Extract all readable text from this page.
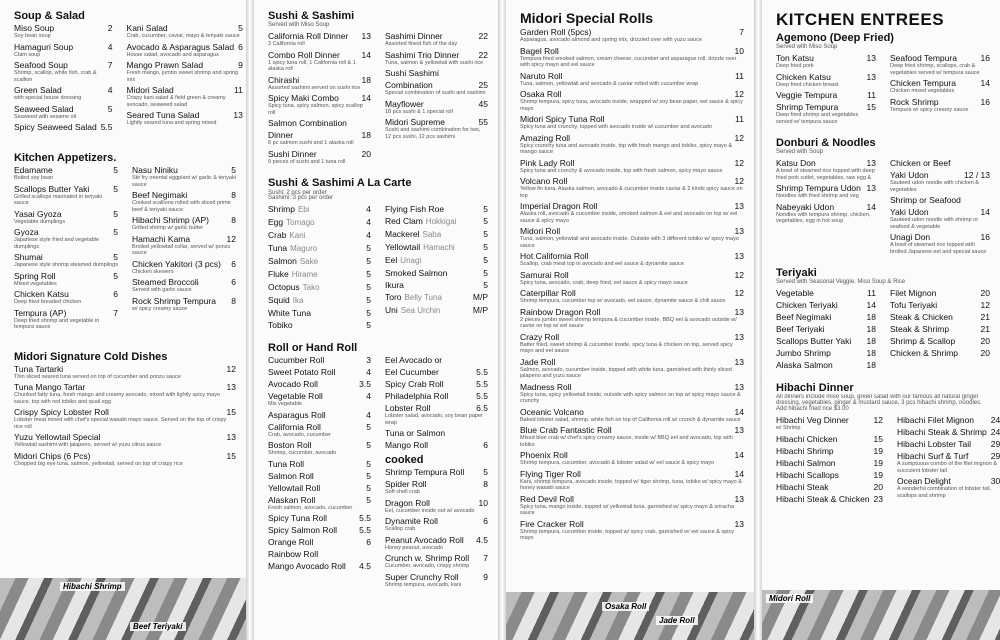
Soup & Salad
Miso Soup	2
Soy bean soup
Hamaguri Soup	4
Clam soup
Seafood Soup	7
Shrimp, scallop, white fish, crab & scallion
Green Salad	4
with special house dressing
Seaweed Salad	5
Seaweed with sesame oil
Spicy Seaweed Salad 5.5
Kani Salad	5
Crab, cucumber, caviar, mayo & teriyaki sauce
Avocado & Asparagus Salad 6
House salad, avocado and asparagus
Mango Prawn Salad	9
Fresh mango, jumbo sweet shrimp and spring mix
Midori Salad	11
Crispy kani salad & field green & creamy avocado, seaweed salad
Seared Tuna Salad	13
Lightly seared tuna and spring mixed
Kitchen Appetizers.
Edamame	5
Boiled soy bean
Scallops Butter Yaki	5
Grilled scallops marinated in teriyaki sauce
Yasai Gyoza	5
Vegetable dumplings
Gyoza	5
Japanese style fried and vegetable dumplings
Shumai	5
Japanese style shrimp steamed dumplings
Spring Roll	5
Mixed vegetables
Chicken Katsu	6
Deep fried breaded chicken
Tempura (AP)	7
Deep fried shrimp and vegetable in tempura sauce
Nasu Niniku	5
Stir fry oriental eggplant w/ garlic & teriyaki sauce
Beef Negimaki	8
Cooked scallions rolled with sliced prime beef & teriyaki sauce
Hibachi Shrimp (AP)	8
Grilled shrimp w/ garlic butter
Hamachi Kama	12
Broiled yellowtail collar, served w/ ponzu sauce
Chicken Yakitori (3 pcs) 6
Chicken skewers
Steamed Broccoli	6
Served with garlic sauce
Rock Shrimp Tempura 8
w/ spicy creamy sauce
Midori Signature Cold Dishes
Tuna Tartarki	12
Thin sliced seared tuna served on top of cucumber and ponzu sauce
Tuna Mango Tartar	13
Chunked fatty tuna, fresh mango and creamy avocado, mixed with lightly spicy mayo sauce, top with red tobiko and quail egg
Crispy Spicy Lobster Roll	15
Lobster meat mixed with chef's special wasabi mayo sauce. Served on the top of crispy rice roll
Yuzu Yellowtail Special	13
Yellowtail sashimi with jalapeno, served w/ yuzu citrus sauce
Midori Chips (6 Pcs)	15
Chopped big eye tuna, salmon, yellowtail, served on top of crispy rice
Hibachi Shrimp
Beef Teriyaki
Sushi & Sashimi
Served with Miso Soup
California Roll Dinner 13
3 California roll
Combo Roll Dinner	14
1 spicy tuna roll, 1 California roll & 1 alaska roll
Chirashi	18
Assorted sashimi served on sushi rice
Spicy Maki Combo	14
Spicy tuna, spicy salmon, spicy scallop roll
Salmon Combination
Dinner	18
6 pc salmon sushi and 1 alaska roll
Sushi Dinner	20
9 pieces of sushi and 1 tuna roll
Sashimi Dinner	22
Assorted finest fish of the day
Sashimi Trio Dinner 22
Tuna, salmon & yellowtail with sushi rice
Sushi Sashimi
Combination	25
Special combination of sushi and sashimi
Mayflower	45
18 pcs sushi & 1 special roll
Midori Supreme	55
Sushi and sashimi combination for two, 12 pcs sushi, 12 pcs sashimi
Sushi & Sashimi A La Carte
Sushi: 2 pcs per order
Sashimi: 3 pcs per order
Shrimp Ebi	4
Egg Tomago	4
Crab Kani	4
Tuna Maguro	5
Salmon Sake	5
Fluke Hirame	5
Octopus Tako	5
Squid Ika	5
White Tuna	5
Tobiko	5
Flying Fish Roe	5
Red Clam Hokkigai	5
Mackerel Saba	5
Yellowtail Hamachi	5
Eel Unagi	5
Smoked Salmon	5
Ikura	5
Toro Belly Tuna	M/P
Uni Sea Urchin	M/P
Roll or Hand Roll
Cucumber Roll	3
Sweet Potato Roll	4
Avocado Roll	3.5
Vegetable Roll	4
Mix vegetable
Asparagus Roll	4
California Roll	5
Crab, avocado, cucumber
Boston Roll	5
Shrimp, cucumber, avocado
Tuna Roll	5
Salmon Roll	5
Yellowtail Roll	5
Alaskan Roll	5
Fresh salmon, avocado, cucumber
Spicy Tuna Roll	5.5
Spicy Salmon Roll	5.5
Orange Roll	6
Rainbow Roll
Mango Avocado Roll 4.5
Eel Avocado or
Eel Cucumber	5.5
Spicy Crab Roll	5.5
Philadelphia Roll	5.5
Lobster Roll	6.5
Lobster salad, avocado, soy bean paper wrap
Tuna or Salmon
Mango Roll	6
cooked
Shrimp Tempura Roll 5
Spider Roll	8
Soft shell crab
Dragon Roll	10
Eel, cucumber inside out w/ avocado
Dynamite Roll	6
Scallop crab
Peanut Avocado Roll 4.5
Honey peanut, avocado
Crunch w. Shrimp Roll 7
Cucumber, avocado, crispy shrimp
Super Crunchy Roll	9
Shrimp tempura, avocado, kani
Midori Special Rolls
Garden Roll (5pcs)	7
Asparagus, avocado almond and spring mix, drizzled over with yuzu sauce
Bagel Roll	10
Tempura fried smoked salmon, cream cheese, cucumber and asparagus roll, drizzle over with spicy mayo and eel sauce
Naruto Roll	11
Tuna, salmon, yellowtail and avocado & caviar rolled with cucumber wrap
Osaka Roll	12
Shrimp tempura, spicy tuna, avocado inside, wrapped w/ soy bean paper, eel sauce & spicy mayo
Midori Spicy Tuna Roll	11
Spicy tuna and crunchy, topped with avocado inside w/ cucumber and avocado
Amazing Roll	12
Spicy crunchy tuna and avocado inside, top with fresh mango and tobiko, spicy mayo & mango sauce
Pink Lady Roll	12
Spicy tuna and crunchy & avocado inside, top with fresh salmon, spicy mayo sauce
Volcano Roll	12
Yellow fin tuna, Alaska salmon, avocado & cucumber inside caviar & 2 kinds spicy sauce on top
Imperial Dragon Roll	13
Alaska roll, avocado & cucumber inside, smoked salmon & eel and avocado on top w/ eel sauce & spicy mayo
Midori Roll	13
Tuna, salmon, yellowtail and avocado inside. Outside with 3 different tobiko w/ spicy mayo sauce
Hot California Roll	13
Scallop, crab meat top in avocado and eel sauce & dynamite sauce
Samurai Roll	12
Spicy tuna, avocado, crab, deep fried, eel sauce & spicy mayo sauce
Caterpillar Roll	12
Shrimp tempura, cucumber top w/ avocado, eel sauce, dynamite sauce & chili sauce
Rainbow Dragon Roll	13
2 pieces jumbo sweet shrimp tempura & cucumber inside, BBQ eel & avocado outside w/ caviar on top w/ eel sauce
Crazy Roll	13
Batter fried, sweet shrimp & cucumber inside, spicy tuna & chicken on top, served spicy mayo and eel sauce
Jade Roll	13
Salmon, avocado, cucumber inside, topped with white tuna, garnished with thinly sliced jalapeno and yuzu sauce
Madness Roll	13
Spicy tuna, spicy yellowtail inside, outside with spicy salmon on top w/ spicy mayo sauce & crunchy
Oceanic Volcano	14
Baked lobster salad, shrimp, white fish on top of California roll w/ crunch & dynamite sauce
Blue Crab Fantastic Roll	13
Mixed blue crab w/ chef's spicy creamy sauce, inside w/ BBQ eel and avocado, top with tobiko
Phoenix Roll	14
Shrimp tempura, cucumber, avocado & lobster salad w/ eel sauce & spicy mayo
Flying Tiger Roll	14
Kani, shrimp tempura, avocado inside, topped w/ tiger shrimp, tuna, tobiko w/ spicy mayo & honey wasabi sauce
Red Devil Roll	13
Spicy tuna, mango inside, topped w/ yellowtail tuna, garnished w/ spicy mayo & sriracha sauce
Fire Cracker Roll	13
Shrimp tempura, cucumber inside, topped w/ spicy crab, garnished w/ eel sauce & spicy mayo
Osaka Roll
Jade Roll
KITCHEN ENTREES
Agemono (Deep Fried)
Served with Miso Soup
Ton Katsu	13
Deep fried pork
Chicken Katsu	13
Deep fried chicken breast
Veggie Tempura	11
Shrimp Tempura	15
Deep fried shrimp and vegetables served w/ tempura sauce
Seafood Tempura	16
Deep fried shrimp, scallops, crab & vegetables served w/ tempura sauce
Chicken Tempura	14
Chicken mixed vegetables
Rock Shrimp	16
Tempura w/ spicy creamy sauce
Donburi & Noodles
Served with Soup
Katsu Don	13
A bowl of steamed rice topped with deep fried pork cutlet, vegetables, raw egg &
Shrimp Tempura Udon 13
Noodles with fried shrimp and veg
Nabeyaki Udon	14
Noodles with tempura shrimp, chicken, vegetables, egg in hot soup
Chicken or Beef
Yaki Udon	12 / 13
Sauteed udon noodle with chicken & vegetables
Shrimp or Seafood
Yaki Udon	14
Sauteed udon noodle with shrimp or seafood & vegetable
Unagi Don	16
A bowl of steamed rice topped with broiled Japanese eel and special sauce
Teriyaki
Served with Seasonal Veggie, Miso Soup & Rice
Vegetable	11
Chicken Teriyaki	14
Beef Negimaki	18
Beef Teriyaki	18
Scallops Butter Yaki 18
Jumbo Shrimp	18
Alaska Salmon	18
Filet Mignon	20
Tofu Teriyaki	12
Steak & Chicken	21
Steak & Shrimp	21
Shrimp & Scallop	20
Chicken & Shrimp	20
Hibachi Dinner
All dinners include miso soup, green salad with our famous all natural ginger dressing, vegetables, ginger & mustard sauce, 3 pcs hibachi shrimp, noodles. Add hibachi fried rice $3.00
Hibachi Veg Dinner	12
w/ Shrimp
Hibachi Chicken	15
Hibachi Shrimp	19
Hibachi Salmon	19
Hibachi Scallops	19
Hibachi Steak	20
Hibachi Steak & Chicken 23
Hibachi Filet Mignon 24
Hibachi Steak & Shrimp 24
Hibachi Lobster Tail 29
Hibachi Surf & Turf	29
A sumptuous combo of the filet mignon & succulent lobster tail
Ocean Delight	30
A wonderful combination of lobster tail, scallops and shrimp
Midori Roll
